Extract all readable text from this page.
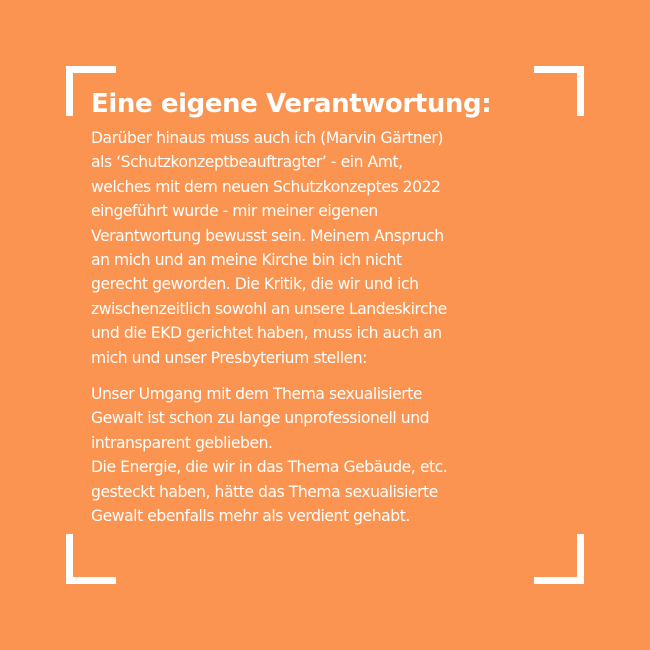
Eine eigene Verantwortung:
Darüber hinaus muss auch ich (Marvin Gärtner)
als ‘Schutzkonzeptbeauftragter’ - ein Amt,
welches mit dem neuen Schutzkonzeptes 2022
eingeführt wurde - mir meiner eigenen
Verantwortung bewusst sein. Meinem Anspruch
an mich und an meine Kirche bin ich nicht
gerecht geworden. Die Kritik, die wir und ich
zwischenzeitlich sowohl an unsere Landeskirche
und die EKD gerichtet haben, muss ich auch an
mich und unser Presbyterium stellen:
Unser Umgang mit dem Thema sexualisierte
Gewalt ist schon zu lange unprofessionell und
intransparent geblieben.
Die Energie, die wir in das Thema Gebäude, etc.
gesteckt haben, hätte das Thema sexualisierte
Gewalt ebenfalls mehr als verdient gehabt.
